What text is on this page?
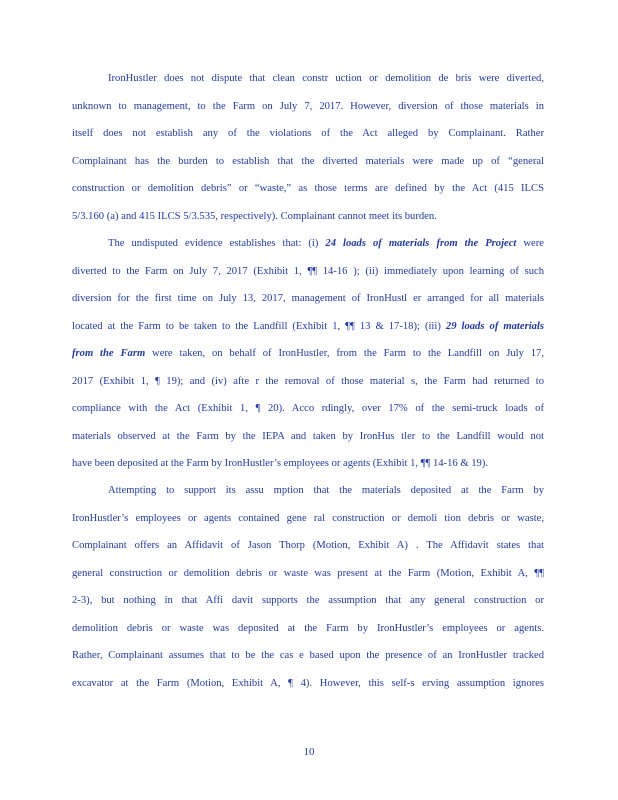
IronHustler does not dispute that clean constr uction or demolition de bris were diverted,
unknown to management, to the Farm on July 7, 2017. However, diversion of those materials in
itself does not establish any of the violations of the Act alleged by Complainant. Rather
Complainant has the burden to establish that the diverted materials were made up of “general
construction or demolition debris” or “waste,” as those terms are defined by the Act (415 ILCS
5/3.160 (a) and 415 ILCS 5/3.535, respectively). Complainant cannot meet its burden.
The undisputed evidence establishes that: (i) 24 loads of materials from the Project were
diverted to the Farm on July 7, 2017 (Exhibit 1, ¶¶ 14-16 ); (ii) immediately upon learning of such
diversion for the first time on July 13, 2017, management of IronHustl er arranged for all materials
located at the Farm to be taken to the Landfill (Exhibit 1, ¶¶ 13 & 17-18); (iii) 29 loads of materials
from the Farm were taken, on behalf of IronHustler, from the Farm to the Landfill on July 17,
2017 (Exhibit 1, ¶ 19); and (iv) afte r the removal of those material s, the Farm had returned to
compliance with the Act (Exhibit 1, ¶ 20). Acco rdingly, over 17% of the semi-truck loads of
materials observed at the Farm by the IEPA and taken by IronHus tler to the Landfill would not
have been deposited at the Farm by IronHustler’s employees or agents (Exhibit 1, ¶¶ 14-16 & 19).
Attempting to support its assu mption that the materials deposited at the Farm by
IronHustler’s employees or agents contained gene ral construction or demoli tion debris or waste,
Complainant offers an Affidavit of Jason Thorp (Motion, Exhibit A) . The Affidavit states that
general construction or demolition debris or waste was present at the Farm (Motion, Exhibit A, ¶¶
2-3), but nothing in that Affi davit supports the assumption that any general construction or
demolition debris or waste was deposited at the Farm by IronHustler’s employees or agents.
Rather, Complainant assumes that to be the cas e based upon the presence of an IronHustler tracked
excavator at the Farm (Motion, Exhibit A, ¶ 4). However, this self-s erving assumption ignores
10
